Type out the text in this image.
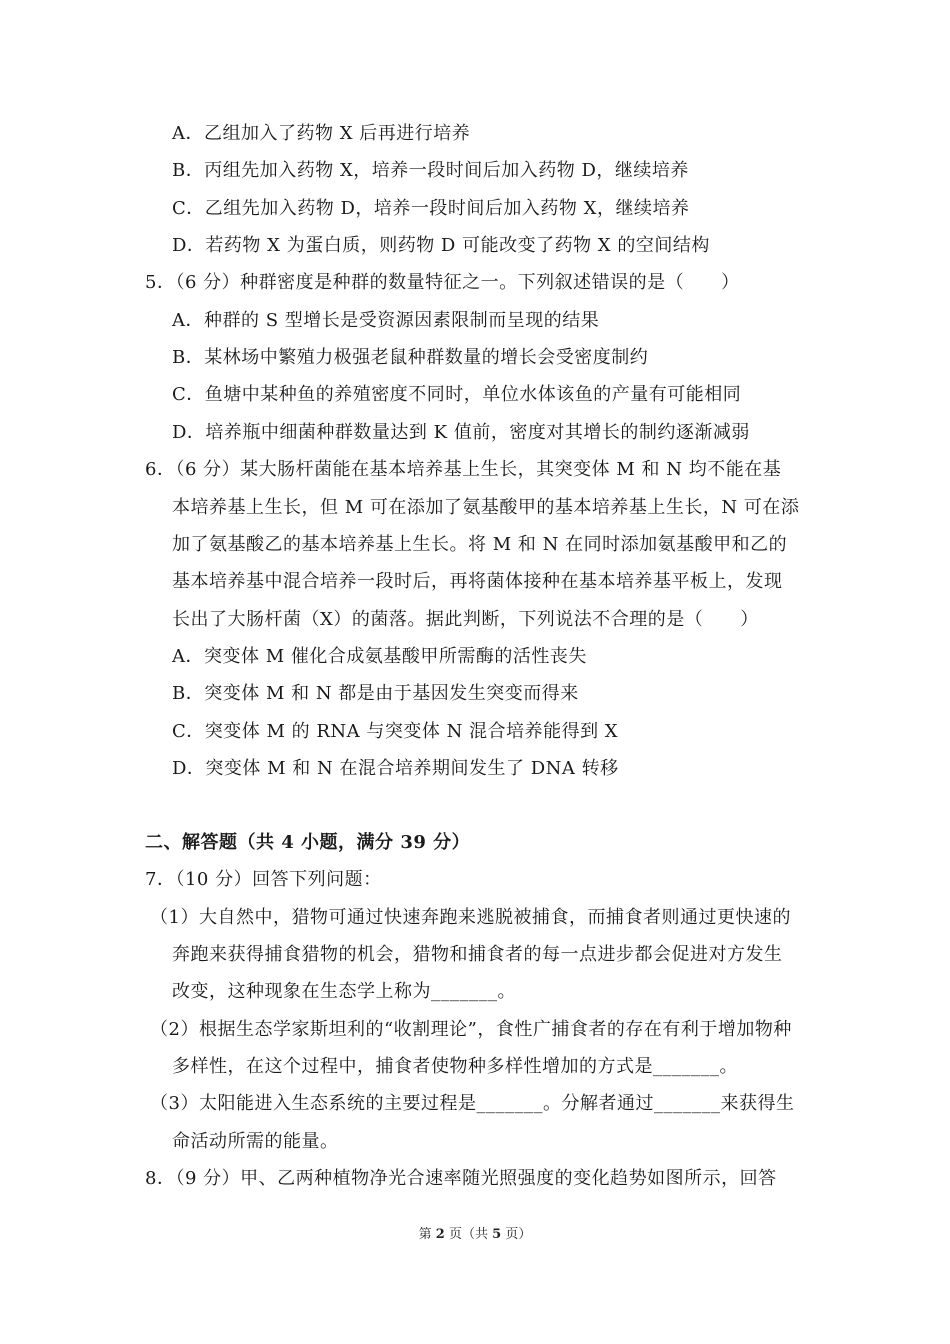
A．乙组加入了药物 X 后再进行培养
B．丙组先加入药物 X，培养一段时间后加入药物 D，继续培养
C．乙组先加入药物 D，培养一段时间后加入药物 X，继续培养
D．若药物 X 为蛋白质，则药物 D 可能改变了药物 X 的空间结构
5．（6 分）种群密度是种群的数量特征之一。下列叙述错误的是（　　）
A．种群的 S 型增长是受资源因素限制而呈现的结果
B．某林场中繁殖力极强老鼠种群数量的增长会受密度制约
C．鱼塘中某种鱼的养殖密度不同时，单位水体该鱼的产量有可能相同
D．培养瓶中细菌种群数量达到 K 值前，密度对其增长的制约逐渐减弱
6．（6 分）某大肠杆菌能在基本培养基上生长，其突变体 M 和 N 均不能在基
本培养基上生长，但 M 可在添加了氨基酸甲的基本培养基上生长，N 可在添
加了氨基酸乙的基本培养基上生长。将 M 和 N 在同时添加氨基酸甲和乙的
基本培养基中混合培养一段时后，再将菌体接种在基本培养基平板上，发现
长出了大肠杆菌（X）的菌落。据此判断，下列说法不合理的是（　　）
A．突变体 M 催化合成氨基酸甲所需酶的活性丧失
B．突变体 M 和 N 都是由于基因发生突变而得来
C．突变体 M 的 RNA 与突变体 N 混合培养能得到 X
D．突变体 M 和 N 在混合培养期间发生了 DNA 转移
二、解答题（共 4 小题，满分 39 分）
7．（10 分）回答下列问题：
（1）大自然中，猎物可通过快速奔跑来逃脱被捕食，而捕食者则通过更快速的
奔跑来获得捕食猎物的机会，猎物和捕食者的每一点进步都会促进对方发生
改变，这种现象在生态学上称为_______。
（2）根据生态学家斯坦利的“收割理论”，食性广捕食者的存在有利于增加物种
多样性，在这个过程中，捕食者使物种多样性增加的方式是_______。
（3）太阳能进入生态系统的主要过程是_______。分解者通过_______来获得生
命活动所需的能量。
8．（9 分）甲、乙两种植物净光合速率随光照强度的变化趋势如图所示，回答
第 2 页（共 5 页）
